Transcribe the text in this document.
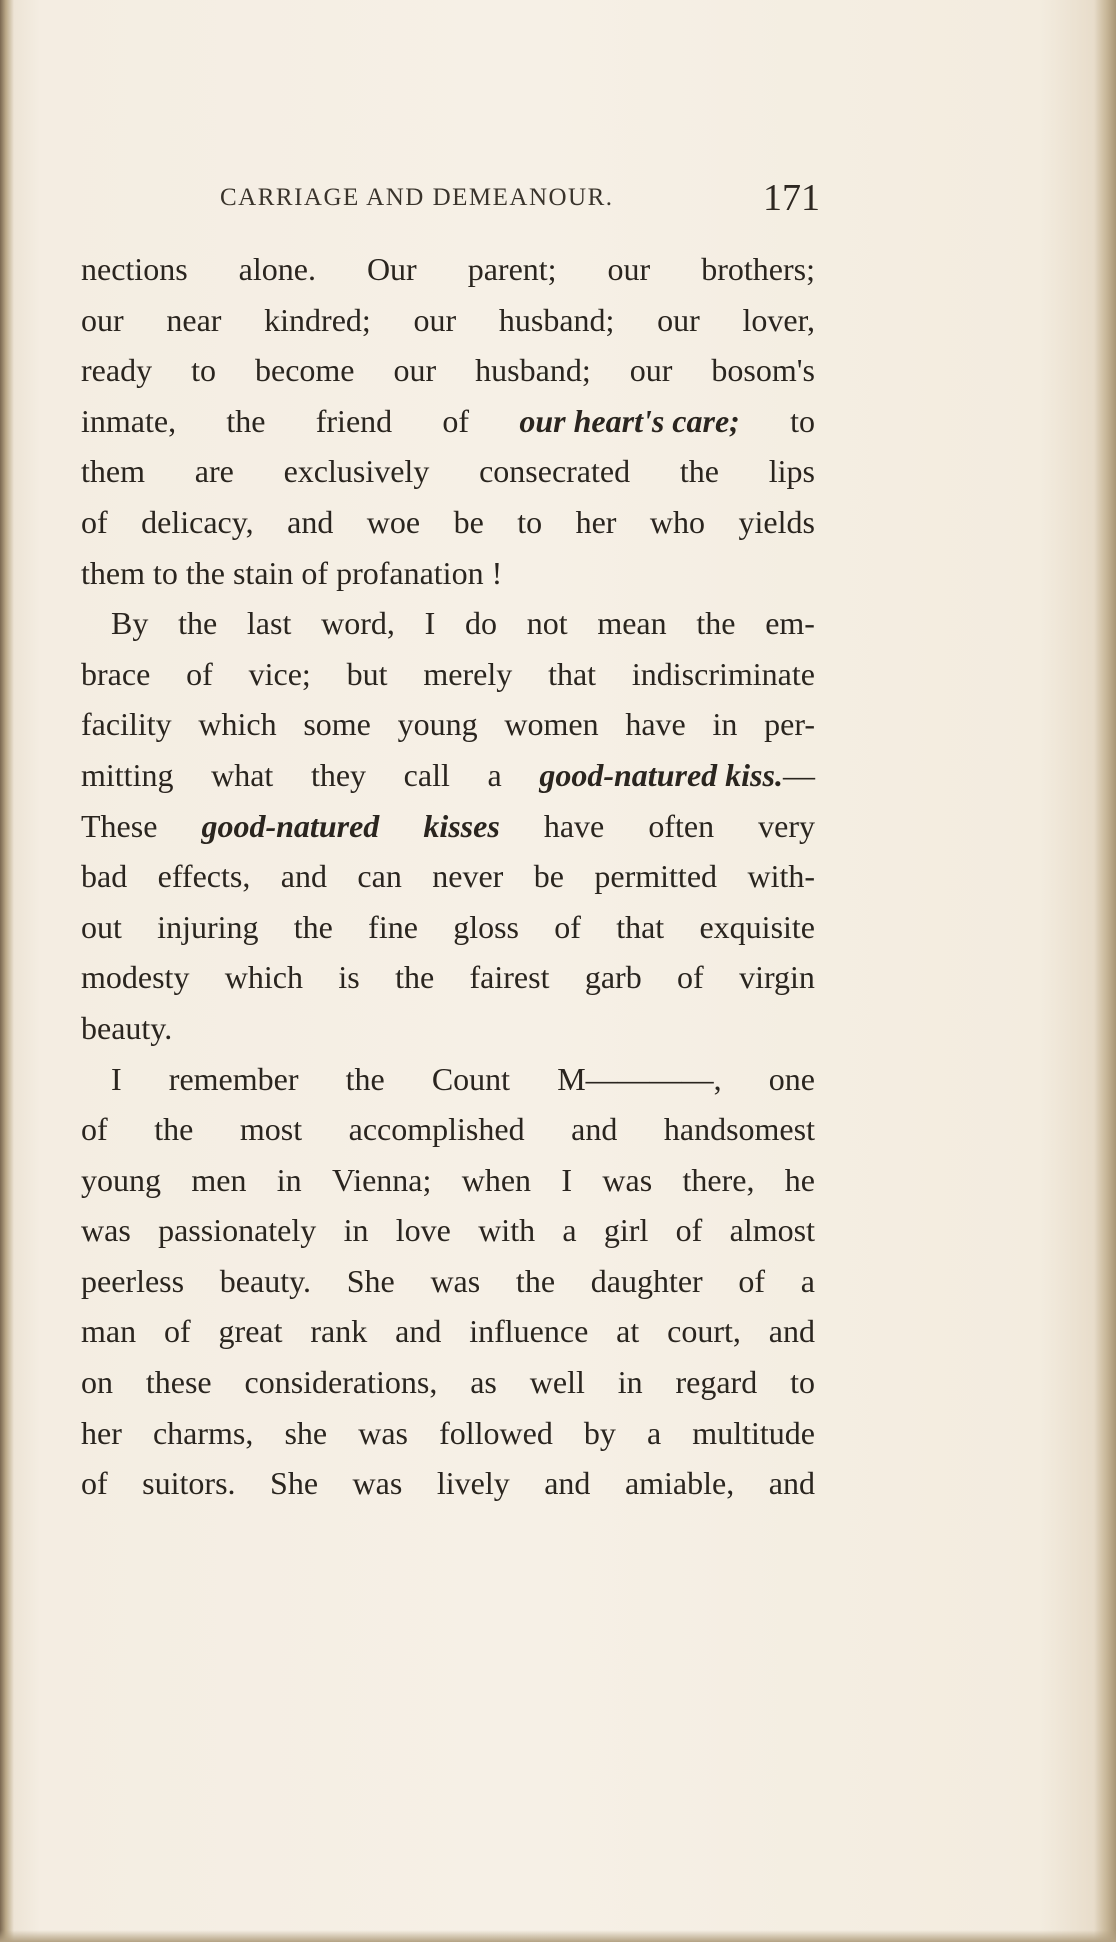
CARRIAGE AND DEMEANOUR.	171
nections alone. Our parent; our brothers;
our near kindred; our husband; our lover,
ready to become our husband; our bosom's
inmate, the friend of our heart's care; to
them are exclusively consecrated the lips
of delicacy, and woe be to her who yields
them to the stain of profanation !
By the last word, I do not mean the em-
brace of vice; but merely that indiscriminate
facility which some young women have in per-
mitting what they call a good-natured kiss.—
These good-natured kisses have often very
bad effects, and can never be permitted with-
out injuring the fine gloss of that exquisite
modesty which is the fairest garb of virgin
beauty.
I remember the Count M————, one
of the most accomplished and handsomest
young men in Vienna; when I was there, he
was passionately in love with a girl of almost
peerless beauty. She was the daughter of a
man of great rank and influence at court, and
on these considerations, as well in regard to
her charms, she was followed by a multitude
of suitors. She was lively and amiable, and
